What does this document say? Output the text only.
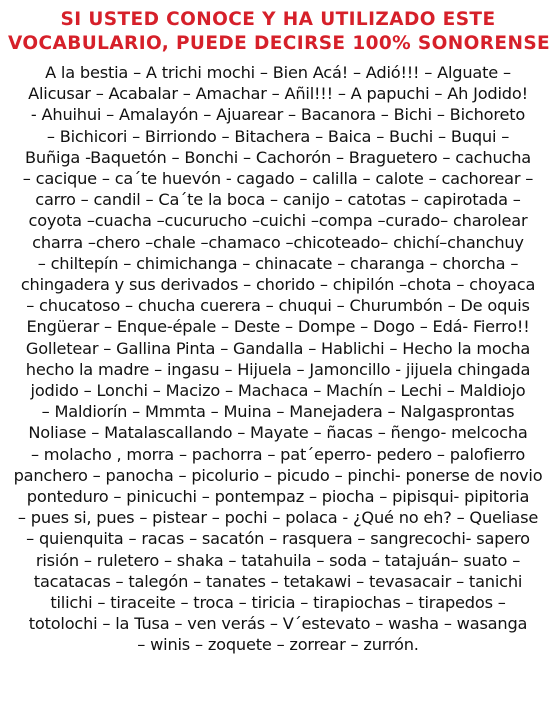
SI USTED CONOCE Y HA UTILIZADO ESTE
VOCABULARIO, PUEDE DECIRSE 100% SONORENSE
A la bestia – A trichi mochi – Bien Acá! – Adió!!! – Alguate –
Alicusar – Acabalar – Amachar – Añil!!! – A papuchi – Ah Jodido!
- Ahuihui – Amalayón – Ajuarear – Bacanora – Bichi – Bichoreto
– Bichicori – Birriondo – Bitachera – Baica – Buchi – Buqui –
Buñiga -Baquetón – Bonchi – Cachorón – Braguetero – cachucha
– cacique – ca´te huevón - cagado – calilla – calote – cachorear –
carro – candil – Ca´te la boca – canijo – catotas – capirotada –
coyota –cuacha –cucurucho –cuichi –compa –curado– charolear
charra –chero –chale –chamaco –chicoteado– chichí–chanchuy
– chiltepín – chimichanga – chinacate – charanga – chorcha –
chingadera y sus derivados – chorido – chipilón –chota – choyaca
– chucatoso – chucha cuerera – chuqui – Churumbón – De oquis
Engüerar – Enque-épale – Deste – Dompe – Dogo – Edá- Fierro!!
Golletear – Gallina Pinta – Gandalla – Hablichi – Hecho la mocha
hecho la madre – ingasu – Hijuela – Jamoncillo - jijuela chingada
jodido – Lonchi – Macizo – Machaca – Machín – Lechi – Maldiojo
– Maldiorín – Mmmta – Muina – Manejadera – Nalgasprontas
Noliase – Matalascallando – Mayate – ñacas – ñengo- melcocha
– molacho , morra – pachorra – pat´eperro- pedero – palofierro
panchero – panocha – picolurio – picudo – pinchi- ponerse de novio
ponteduro – pinicuchi – pontempaz – piocha – pipisqui- pipitoria
– pues si, pues – pistear – pochi – polaca - ¿Qué no eh? – Queliase
– quienquita – racas – sacatón – rasquera – sangrecochi- sapero
risión – ruletero – shaka – tatahuila – soda – tatajuán– suato –
tacatacas – talegón – tanates – tetakawi – tevasacair – tanichi
tilichi – tiraceite – troca – tiricia – tirapiochas – tirapedos –
totolochi – la Tusa – ven verás – V´estevato – washa – wasanga
– winis – zoquete – zorrear – zurrón.
